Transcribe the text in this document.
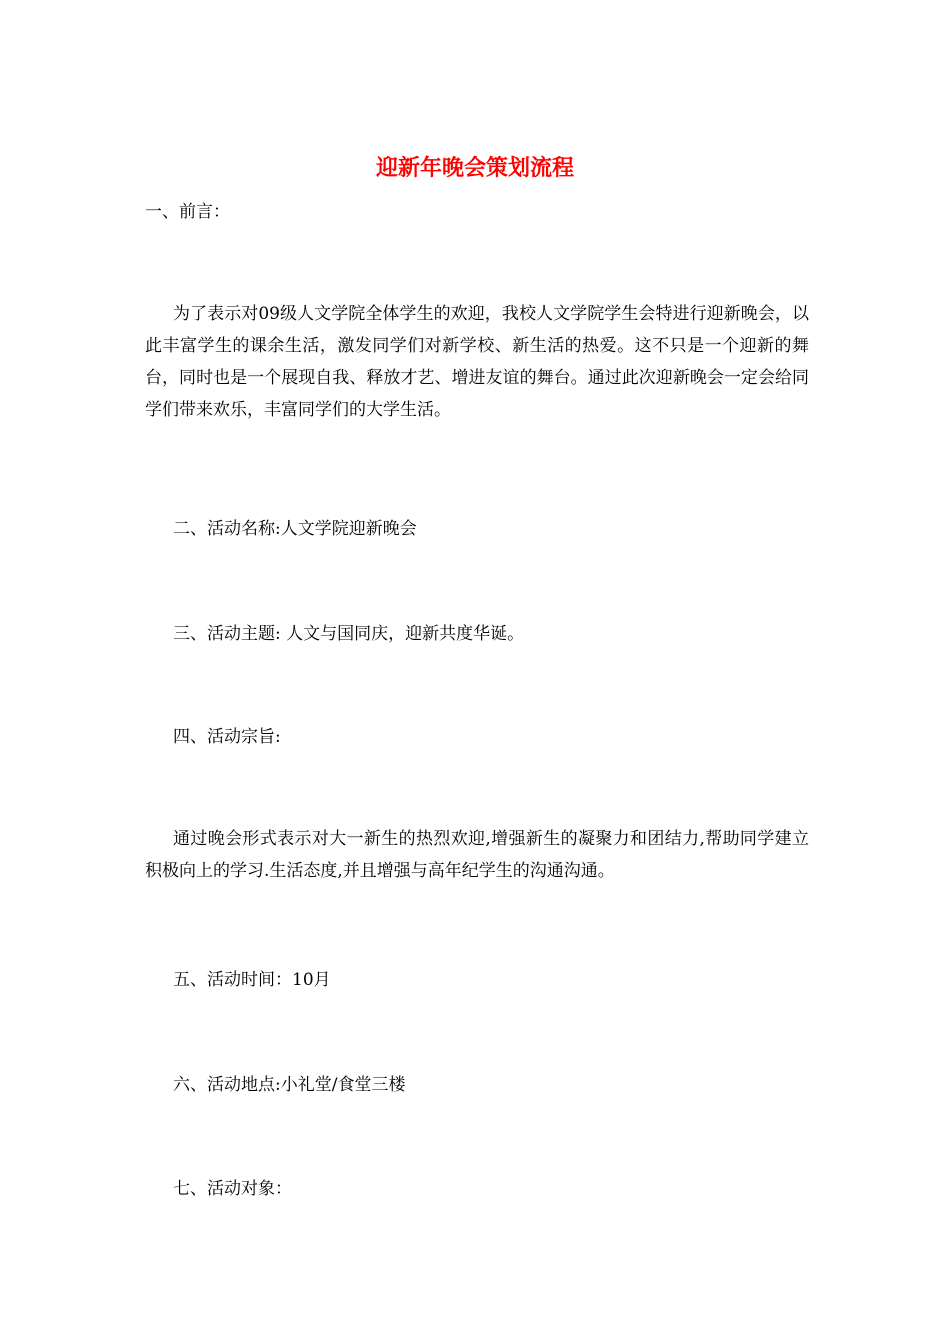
迎新年晚会策划流程
一、前言：
为了表示对09级人文学院全体学生的欢迎，我校人文学院学生会特进行迎新晚会，以此丰富学生的课余生活，激发同学们对新学校、新生活的热爱。这不只是一个迎新的舞台，同时也是一个展现自我、释放才艺、增进友谊的舞台。通过此次迎新晚会一定会给同学们带来欢乐，丰富同学们的大学生活。
二、活动名称:人文学院迎新晚会
三、活动主题: 人文与国同庆，迎新共度华诞。
四、活动宗旨:
通过晚会形式表示对大一新生的热烈欢迎,增强新生的凝聚力和团结力,帮助同学建立积极向上的学习.生活态度,并且增强与高年纪学生的沟通沟通。
五、活动时间：10月
六、活动地点:小礼堂/食堂三楼
七、活动对象：
